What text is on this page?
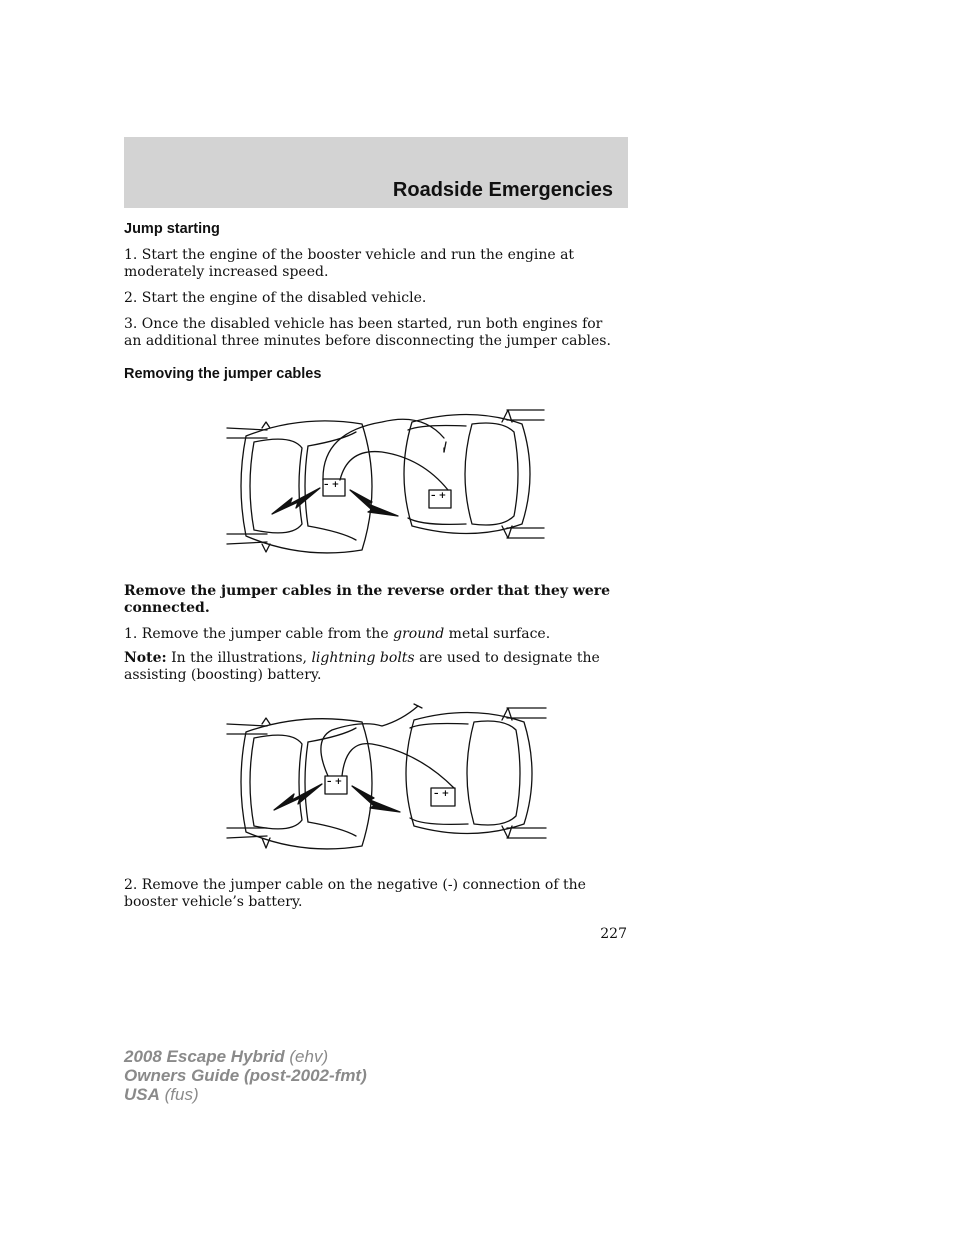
Roadside Emergencies
Jump starting
1. Start the engine of the booster vehicle and run the engine at moderately increased speed.
2. Start the engine of the disabled vehicle.
3. Once the disabled vehicle has been started, run both engines for an additional three minutes before disconnecting the jumper cables.
Removing the jumper cables
– +
– +
Remove the jumper cables in the reverse order that they were connected.
1. Remove the jumper cable from the ground metal surface.
Note: In the illustrations, lightning bolts are used to designate the assisting (boosting) battery.
– +
– +
2. Remove the jumper cable on the negative (-) connection of the booster vehicle’s battery.
227
2008 Escape Hybrid (ehv)
Owners Guide (post-2002-fmt)
USA (fus)
